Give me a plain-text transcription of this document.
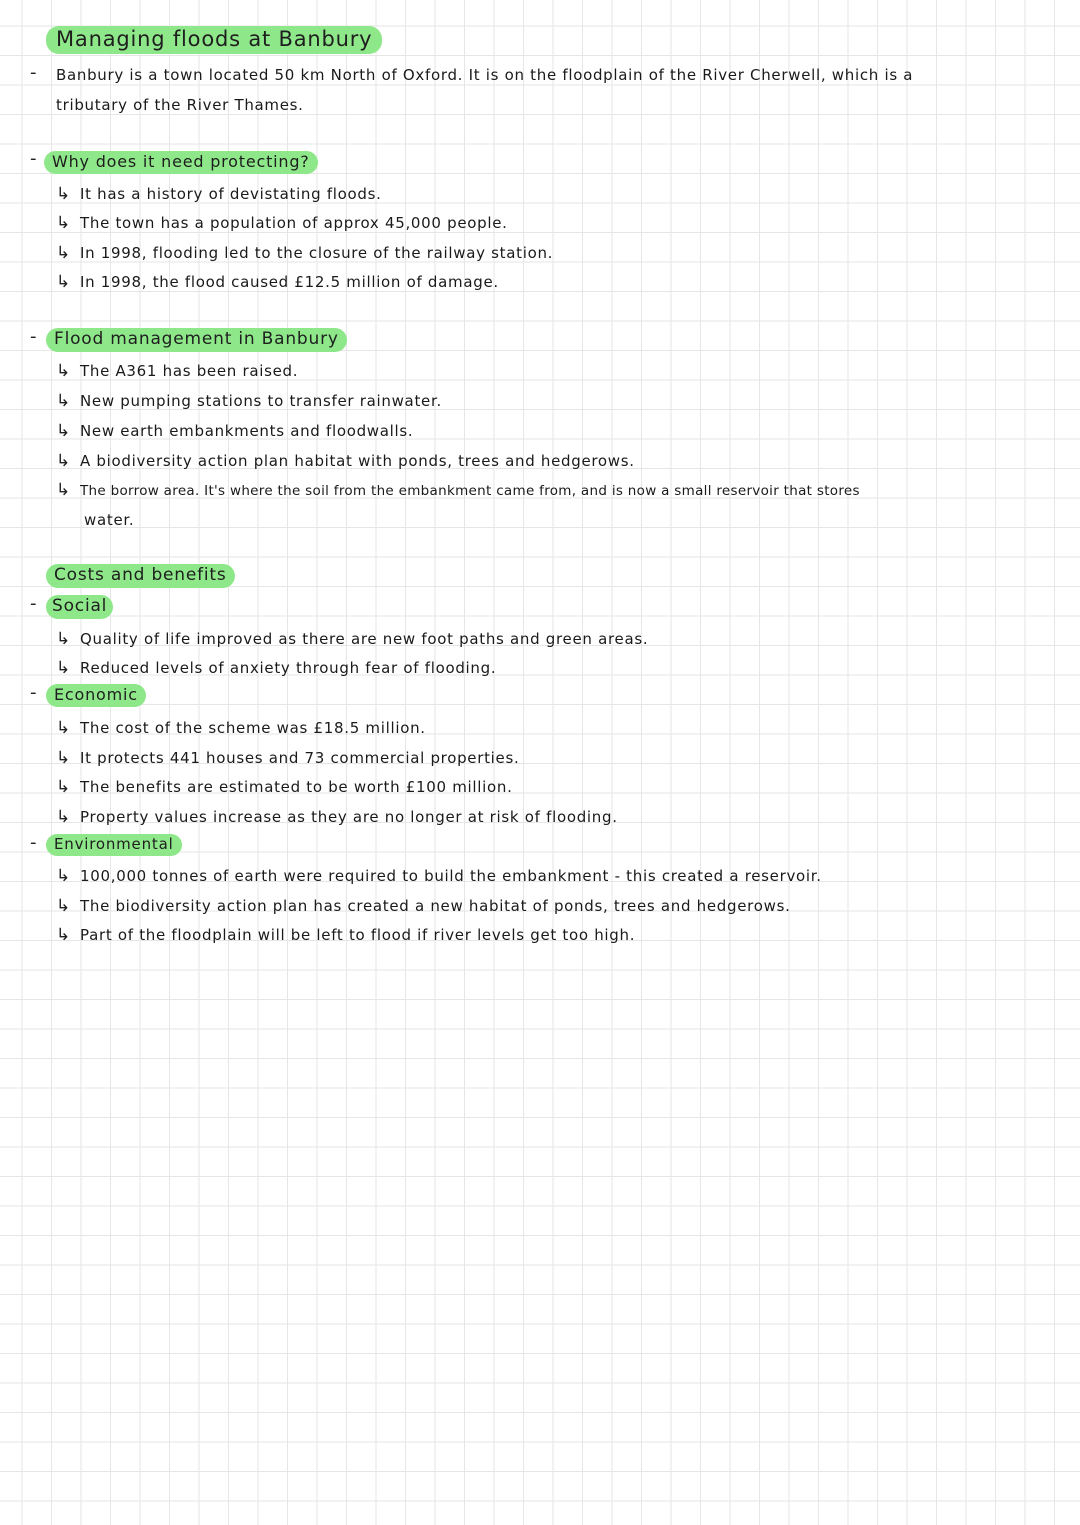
Managing floods at Banbury
- Banbury is a town located 50 km North of Oxford. It is on the floodplain of the River Cherwell, which is a
tributary of the River Thames.
- Why does it need protecting?
↳ It has a history of devistating floods.
↳ The town has a population of approx 45,000 people.
↳ In 1998, flooding led to the closure of the railway station.
↳ In 1998, the flood caused £12.5 million of damage.
-	Flood management in Banbury
↳ The A361 has been raised.
↳ New pumping stations to transfer rainwater.
↳ New earth embankments and floodwalls.
↳ A biodiversity action plan habitat with ponds, trees and hedgerows.
↳ The borrow area. It's where the soil from the embankment came from, and is now a small reservoir that stores
water.
Costs and benefits
- Social
↳ Quality of life improved as there are new foot paths and green areas.
↳ Reduced levels of anxiety through fear of flooding.
-	Economic
↳ The cost of the scheme was £18.5 million.
↳ It protects 441 houses and 73 commercial properties.
↳ The benefits are estimated to be worth £100 million.
↳ Property values increase as they are no longer at risk of flooding.
-	Environmental
↳ 100,000 tonnes of earth were required to build the embankment - this created a reservoir.
↳ The biodiversity action plan has created a new habitat of ponds, trees and hedgerows.
↳ Part of the floodplain will be left to flood if river levels get too high.
